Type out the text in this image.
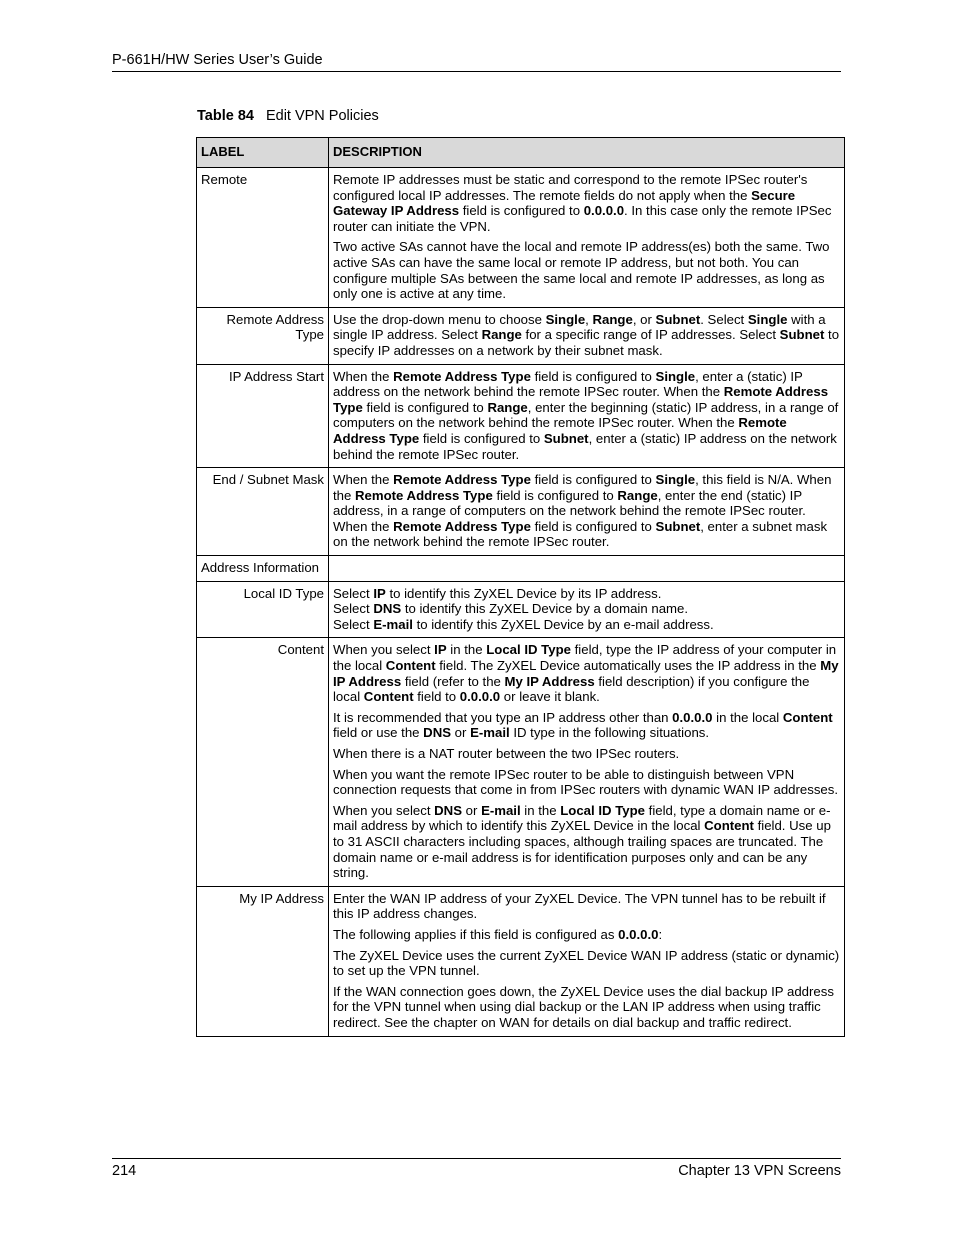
P-661H/HW Series User’s Guide
Table 84 Edit VPN Policies
LABEL	DESCRIPTION
Remote	Remote IP addresses must be static and correspond to the remote IPSec router's configured local IP addresses. The remote fields do not apply when the Secure Gateway IP Address field is configured to 0.0.0.0. In this case only the remote IPSec router can initiate the VPN.

Two active SAs cannot have the local and remote IP address(es) both the same. Two active SAs can have the same local or remote IP address, but not both. You can configure multiple SAs between the same local and remote IP addresses, as long as only one is active at any time.

Remote Address Type	Use the drop-down menu to choose Single, Range, or Subnet. Select Single with a single IP address. Select Range for a specific range of IP addresses. Select Subnet to specify IP addresses on a network by their subnet mask.

IP Address Start	When the Remote Address Type field is configured to Single, enter a (static) IP address on the network behind the remote IPSec router. When the Remote Address Type field is configured to Range, enter the beginning (static) IP address, in a range of computers on the network behind the remote IPSec router. When the Remote Address Type field is configured to Subnet, enter a (static) IP address on the network behind the remote IPSec router.

End / Subnet Mask	When the Remote Address Type field is configured to Single, this field is N/A. When the Remote Address Type field is configured to Range, enter the end (static) IP address, in a range of computers on the network behind the remote IPSec router. When the Remote Address Type field is configured to Subnet, enter a subnet mask on the network behind the remote IPSec router.

Address Information	
Local ID Type	Select IP to identify this ZyXEL Device by its IP address.
Select DNS to identify this ZyXEL Device by a domain name.
Select E-mail to identify this ZyXEL Device by an e-mail address.

Content	When you select IP in the Local ID Type field, type the IP address of your computer in the local Content field. The ZyXEL Device automatically uses the IP address in the My IP Address field (refer to the My IP Address field description) if you configure the local Content field to 0.0.0.0 or leave it blank.

It is recommended that you type an IP address other than 0.0.0.0 in the local Content field or use the DNS or E-mail ID type in the following situations.

When there is a NAT router between the two IPSec routers.

When you want the remote IPSec router to be able to distinguish between VPN connection requests that come in from IPSec routers with dynamic WAN IP addresses.

When you select DNS or E-mail in the Local ID Type field, type a domain name or e-mail address by which to identify this ZyXEL Device in the local Content field. Use up to 31 ASCII characters including spaces, although trailing spaces are truncated. The domain name or e-mail address is for identification purposes only and can be any string.

My IP Address	Enter the WAN IP address of your ZyXEL Device. The VPN tunnel has to be rebuilt if this IP address changes.

The following applies if this field is configured as 0.0.0.0:

The ZyXEL Device uses the current ZyXEL Device WAN IP address (static or dynamic) to set up the VPN tunnel.

If the WAN connection goes down, the ZyXEL Device uses the dial backup IP address for the VPN tunnel when using dial backup or the LAN IP address when using traffic redirect. See the chapter on WAN for details on dial backup and traffic redirect.

214	Chapter 13 VPN Screens
